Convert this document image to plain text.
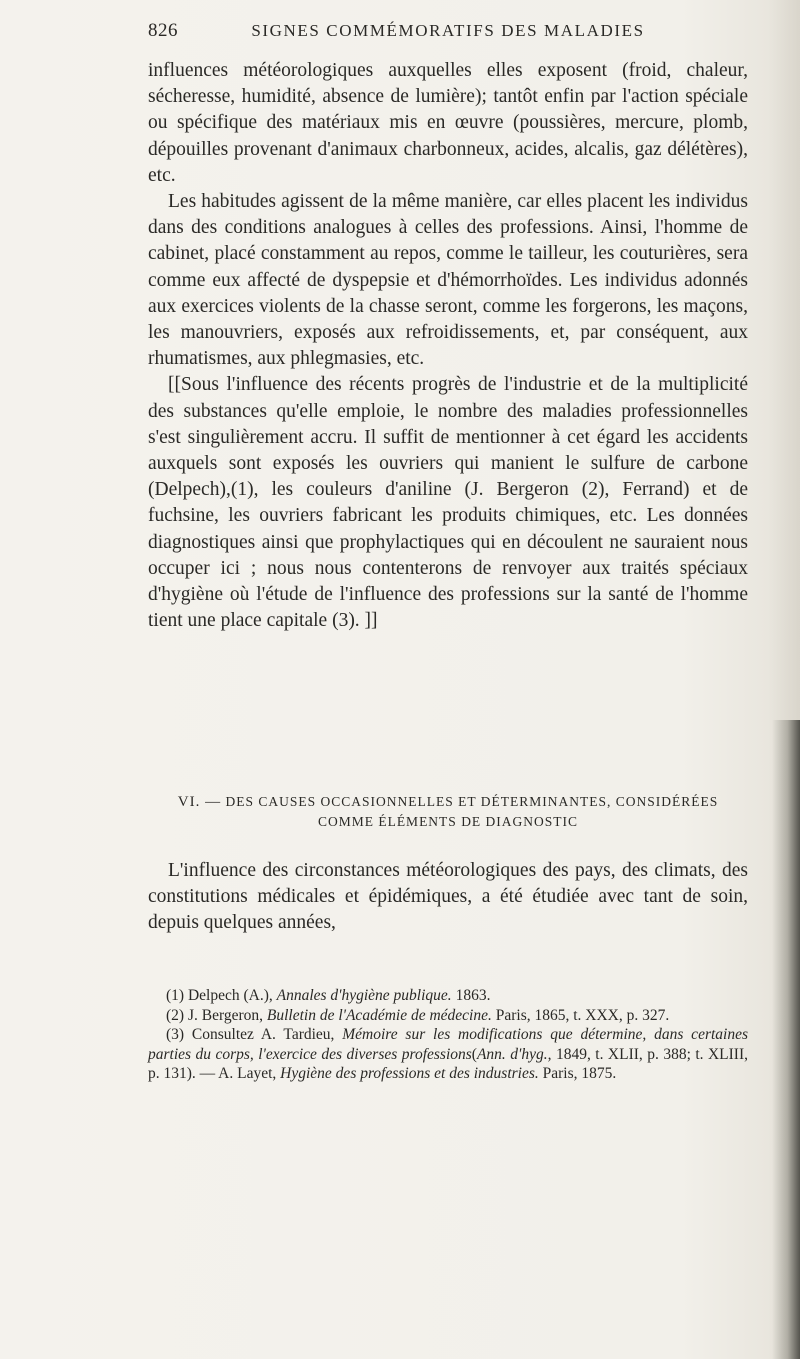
826	SIGNES COMMÉMORATIFS DES MALADIES

influences météorologiques auxquelles elles exposent (froid, chaleur, sécheresse, humidité, absence de lumière); tantôt enfin par l'action spéciale ou spécifique des matériaux mis en œuvre (poussières, mercure, plomb, dépouilles provenant d'animaux charbonneux, acides, alcalis, gaz délétères), etc.

Les habitudes agissent de la même manière, car elles placent les individus dans des conditions analogues à celles des professions. Ainsi, l'homme de cabinet, placé constamment au repos, comme le tailleur, les couturières, sera comme eux affecté de dyspepsie et d'hémorrhoïdes. Les individus adonnés aux exercices violents de la chasse seront, comme les forgerons, les maçons, les manouvriers, exposés aux refroidissements, et, par conséquent, aux rhumatismes, aux phlegmasies, etc.

[[Sous l'influence des récents progrès de l'industrie et de la multiplicité des substances qu'elle emploie, le nombre des maladies professionnelles s'est singulièrement accru. Il suffit de mentionner à cet égard les accidents auxquels sont exposés les ouvriers qui manient le sulfure de carbone (Delpech),(1), les couleurs d'aniline (J. Bergeron (2), Ferrand) et de fuchsine, les ouvriers fabricant les produits chimiques, etc. Les données diagnostiques ainsi que prophylactiques qui en découlent ne sauraient nous occuper ici ; nous nous contenterons de renvoyer aux traités spéciaux d'hygiène où l'étude de l'influence des professions sur la santé de l'homme tient une place capitale (3). ]]

VI. — DES CAUSES OCCASIONNELLES ET DÉTERMINANTES, CONSIDÉRÉES
COMME ÉLÉMENTS DE DIAGNOSTIC

L'influence des circonstances météorologiques des pays, des climats, des constitutions médicales et épidémiques, a été étudiée avec tant de soin, depuis quelques années,

(1) Delpech (A.), Annales d'hygiène publique. 1863.

(2) J. Bergeron, Bulletin de l'Académie de médecine. Paris, 1865, t. XXX, p. 327.

(3) Consultez A. Tardieu, Mémoire sur les modifications que détermine, dans certaines parties du corps, l'exercice des diverses professions(Ann. d'hyg., 1849, t. XLII, p. 388; t. XLIII, p. 131). — A. Layet, Hygiène des professions et des industries. Paris, 1875.
